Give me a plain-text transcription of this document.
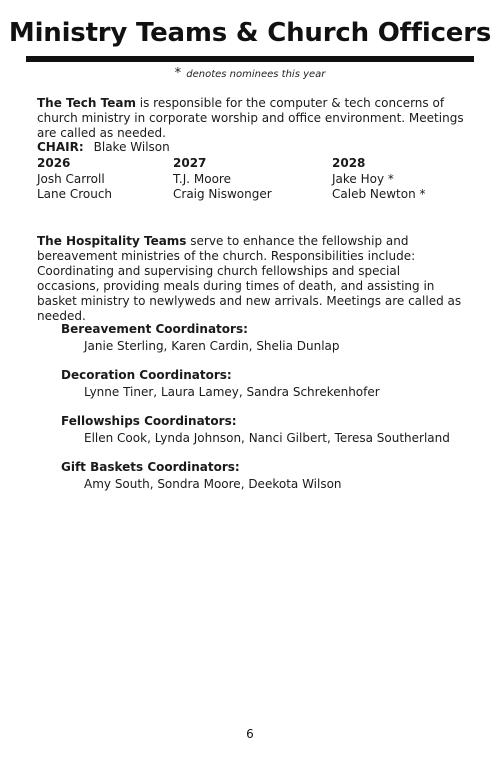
Ministry Teams & Church Officers
* denotes nominees this year
The Tech Team is responsible for the computer & tech concerns of church ministry in corporate worship and office environment. Meetings are called as needed.
CHAIR: Blake Wilson
2026
Josh Carroll
Lane Crouch
2027
T.J. Moore
Craig Niswonger
2028
Jake Hoy *
Caleb Newton *
The Hospitality Teams serve to enhance the fellowship and bereavement ministries of the church. Responsibilities include: Coordinating and supervising church fellowships and special occasions, providing meals during times of death, and assisting in basket ministry to newlyweds and new arrivals. Meetings are called as needed.
Bereavement Coordinators:
Janie Sterling, Karen Cardin, Shelia Dunlap
Decoration Coordinators:
Lynne Tiner, Laura Lamey, Sandra Schrekenhofer
Fellowships Coordinators:
Ellen Cook, Lynda Johnson, Nanci Gilbert, Teresa Southerland
Gift Baskets Coordinators:
Amy South, Sondra Moore, Deekota Wilson
6
